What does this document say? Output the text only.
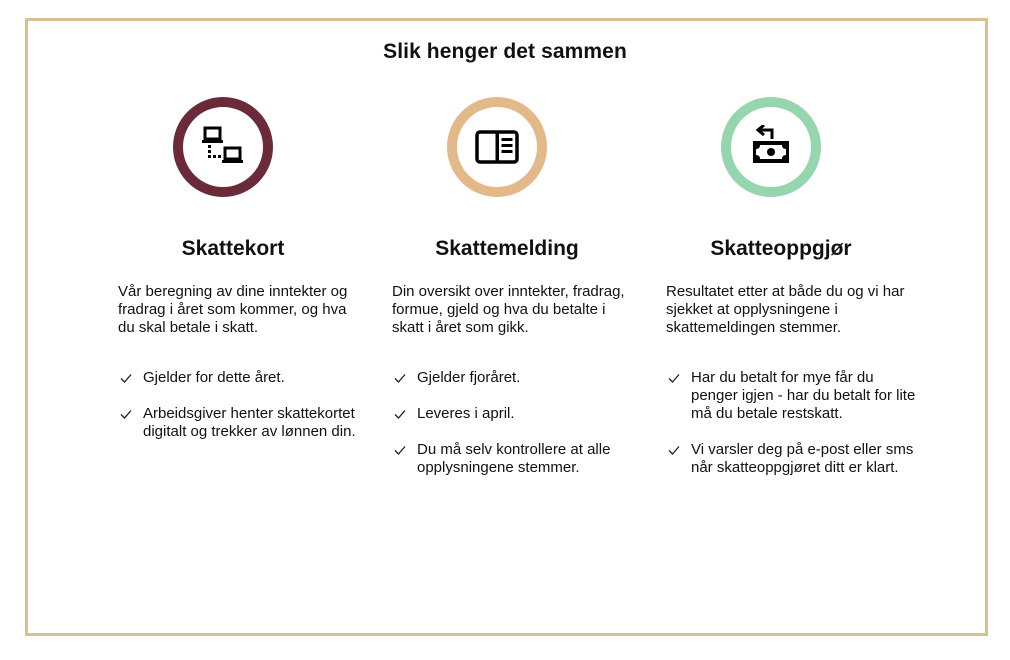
Slik henger det sammen
Skattekort
Vår beregning av dine inntekter og fradrag i året som kommer, og hva du skal betale i skatt.
Gjelder for dette året.
Arbeidsgiver henter skattekortet digitalt og trekker av lønnen din.
Skattemelding
Din oversikt over inntekter, fradrag, formue, gjeld og hva du betalte i skatt i året som gikk.
Gjelder fjoråret.
Leveres i april.
Du må selv kontrollere at alle opplysningene stemmer.
Skatteoppgjør
Resultatet etter at både du og vi har sjekket at opplysningene i skattemeldingen stemmer.
Har du betalt for mye får du penger igjen - har du betalt for lite må du betale restskatt.
Vi varsler deg på e-post eller sms når skatteoppgjøret ditt er klart.
